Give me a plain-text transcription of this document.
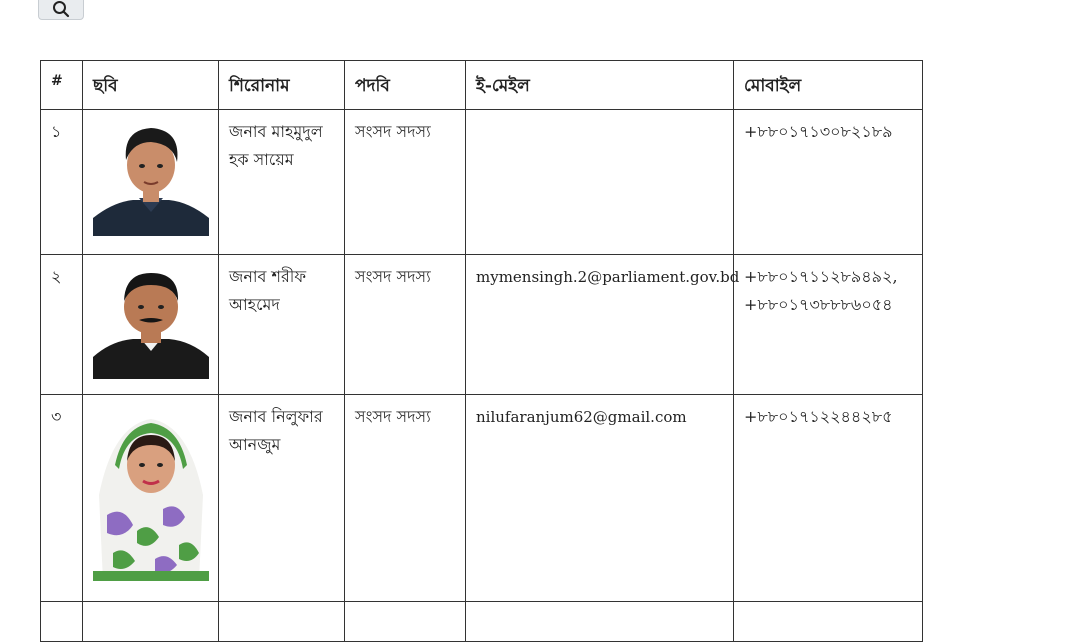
#	ছবি	শিরোনাম	পদবি	ই-মেইল	মোবাইল
১		জনাব মাহমুদুল হক সায়েম	সংসদ সদস্য		+৮৮০১৭১৩০৮২১৮৯
২		জনাব শরীফ আহমেদ	সংসদ সদস্য	mymensingh.2@parliament.gov.bd	+৮৮০১৭১১২৮৯৪৯২, +৮৮০১৭৩৮৮৮৬০৫৪
৩		জনাব নিলুফার আনজুম	সংসদ সদস্য	nilufaranjum62@gmail.com	+৮৮০১৭১২২৪৪২৮৫
